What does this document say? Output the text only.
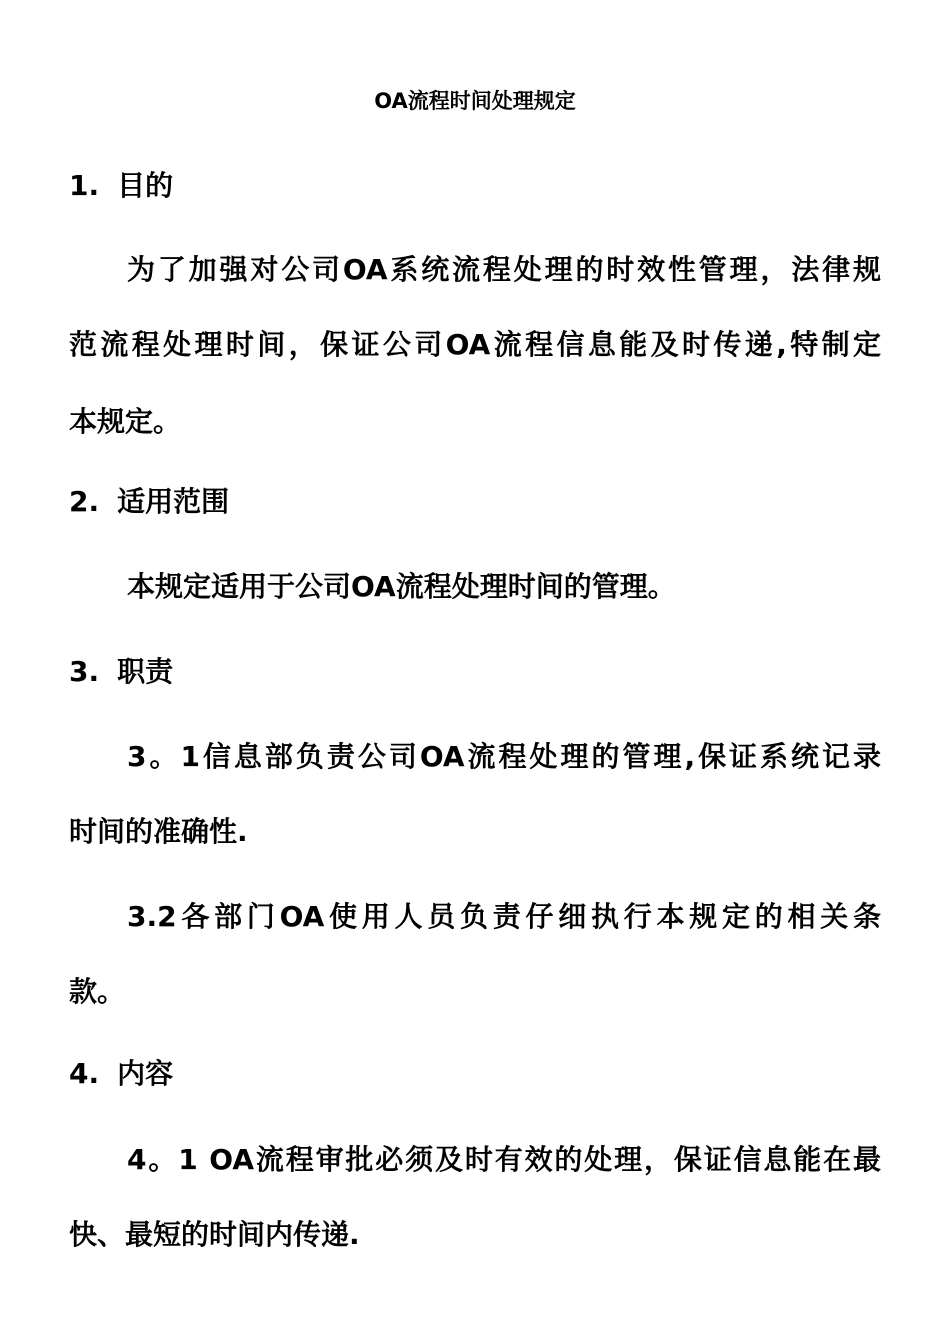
OA流程时间处理规定
1. 目的
为了加强对公司OA系统流程处理的时效性管理，法律规
范流程处理时间，保证公司OA流程信息能及时传递,特制定
本规定。
2. 适用范围
本规定适用于公司OA流程处理时间的管理。
3. 职责
3。1信息部负责公司OA流程处理的管理,保证系统记录
时间的准确性.
3.2各部门OA使用人员负责仔细执行本规定的相关条
款。
4. 内容
4。1 OA流程审批必须及时有效的处理，保证信息能在最
快、最短的时间内传递.
